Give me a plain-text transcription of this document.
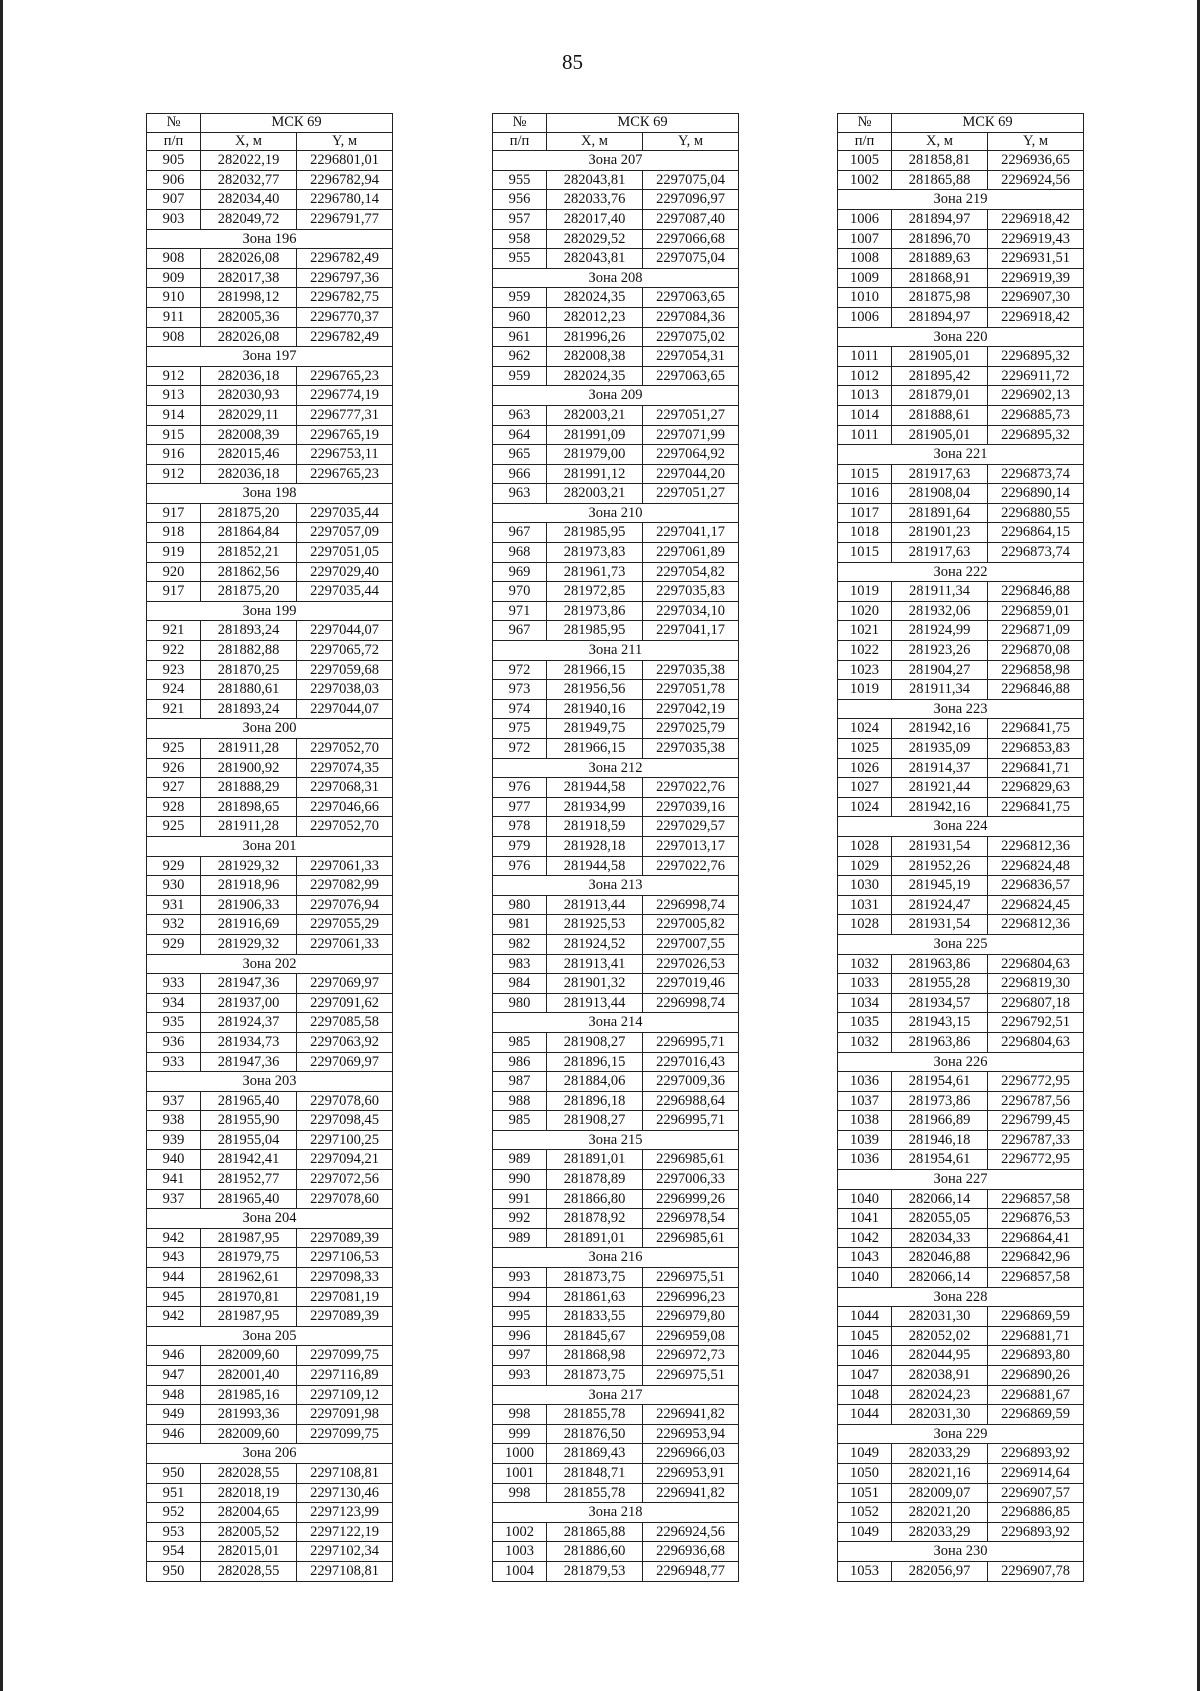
85
№	МСК 69	
п/п	X, м	Y, м
905	282022,19	2296801,01
906	282032,77	2296782,94
907	282034,40	2296780,14
903	282049,72	2296791,77
Зона 196		
908	282026,08	2296782,49
909	282017,38	2296797,36
910	281998,12	2296782,75
911	282005,36	2296770,37
908	282026,08	2296782,49
Зона 197		
912	282036,18	2296765,23
913	282030,93	2296774,19
914	282029,11	2296777,31
915	282008,39	2296765,19
916	282015,46	2296753,11
912	282036,18	2296765,23
Зона 198		
917	281875,20	2297035,44
918	281864,84	2297057,09
919	281852,21	2297051,05
920	281862,56	2297029,40
917	281875,20	2297035,44
Зона 199		
921	281893,24	2297044,07
922	281882,88	2297065,72
923	281870,25	2297059,68
924	281880,61	2297038,03
921	281893,24	2297044,07
Зона 200		
925	281911,28	2297052,70
926	281900,92	2297074,35
927	281888,29	2297068,31
928	281898,65	2297046,66
925	281911,28	2297052,70
Зона 201		
929	281929,32	2297061,33
930	281918,96	2297082,99
931	281906,33	2297076,94
932	281916,69	2297055,29
929	281929,32	2297061,33
Зона 202		
933	281947,36	2297069,97
934	281937,00	2297091,62
935	281924,37	2297085,58
936	281934,73	2297063,92
933	281947,36	2297069,97
Зона 203		
937	281965,40	2297078,60
938	281955,90	2297098,45
939	281955,04	2297100,25
940	281942,41	2297094,21
941	281952,77	2297072,56
937	281965,40	2297078,60
Зона 204		
942	281987,95	2297089,39
943	281979,75	2297106,53
944	281962,61	2297098,33
945	281970,81	2297081,19
942	281987,95	2297089,39
Зона 205		
946	282009,60	2297099,75
947	282001,40	2297116,89
948	281985,16	2297109,12
949	281993,36	2297091,98
946	282009,60	2297099,75
Зона 206		
950	282028,55	2297108,81
951	282018,19	2297130,46
952	282004,65	2297123,99
953	282005,52	2297122,19
954	282015,01	2297102,34
950	282028,55	2297108,81
№	МСК 69	
п/п	X, м	Y, м
Зона 207		
955	282043,81	2297075,04
956	282033,76	2297096,97
957	282017,40	2297087,40
958	282029,52	2297066,68
955	282043,81	2297075,04
Зона 208		
959	282024,35	2297063,65
960	282012,23	2297084,36
961	281996,26	2297075,02
962	282008,38	2297054,31
959	282024,35	2297063,65
Зона 209		
963	282003,21	2297051,27
964	281991,09	2297071,99
965	281979,00	2297064,92
966	281991,12	2297044,20
963	282003,21	2297051,27
Зона 210		
967	281985,95	2297041,17
968	281973,83	2297061,89
969	281961,73	2297054,82
970	281972,85	2297035,83
971	281973,86	2297034,10
967	281985,95	2297041,17
Зона 211		
972	281966,15	2297035,38
973	281956,56	2297051,78
974	281940,16	2297042,19
975	281949,75	2297025,79
972	281966,15	2297035,38
Зона 212		
976	281944,58	2297022,76
977	281934,99	2297039,16
978	281918,59	2297029,57
979	281928,18	2297013,17
976	281944,58	2297022,76
Зона 213		
980	281913,44	2296998,74
981	281925,53	2297005,82
982	281924,52	2297007,55
983	281913,41	2297026,53
984	281901,32	2297019,46
980	281913,44	2296998,74
Зона 214		
985	281908,27	2296995,71
986	281896,15	2297016,43
987	281884,06	2297009,36
988	281896,18	2296988,64
985	281908,27	2296995,71
Зона 215		
989	281891,01	2296985,61
990	281878,89	2297006,33
991	281866,80	2296999,26
992	281878,92	2296978,54
989	281891,01	2296985,61
Зона 216		
993	281873,75	2296975,51
994	281861,63	2296996,23
995	281833,55	2296979,80
996	281845,67	2296959,08
997	281868,98	2296972,73
993	281873,75	2296975,51
Зона 217		
998	281855,78	2296941,82
999	281876,50	2296953,94
1000	281869,43	2296966,03
1001	281848,71	2296953,91
998	281855,78	2296941,82
Зона 218		
1002	281865,88	2296924,56
1003	281886,60	2296936,68
1004	281879,53	2296948,77
№	МСК 69	
п/п	X, м	Y, м
1005	281858,81	2296936,65
1002	281865,88	2296924,56
Зона 219		
1006	281894,97	2296918,42
1007	281896,70	2296919,43
1008	281889,63	2296931,51
1009	281868,91	2296919,39
1010	281875,98	2296907,30
1006	281894,97	2296918,42
Зона 220		
1011	281905,01	2296895,32
1012	281895,42	2296911,72
1013	281879,01	2296902,13
1014	281888,61	2296885,73
1011	281905,01	2296895,32
Зона 221		
1015	281917,63	2296873,74
1016	281908,04	2296890,14
1017	281891,64	2296880,55
1018	281901,23	2296864,15
1015	281917,63	2296873,74
Зона 222		
1019	281911,34	2296846,88
1020	281932,06	2296859,01
1021	281924,99	2296871,09
1022	281923,26	2296870,08
1023	281904,27	2296858,98
1019	281911,34	2296846,88
Зона 223		
1024	281942,16	2296841,75
1025	281935,09	2296853,83
1026	281914,37	2296841,71
1027	281921,44	2296829,63
1024	281942,16	2296841,75
Зона 224		
1028	281931,54	2296812,36
1029	281952,26	2296824,48
1030	281945,19	2296836,57
1031	281924,47	2296824,45
1028	281931,54	2296812,36
Зона 225		
1032	281963,86	2296804,63
1033	281955,28	2296819,30
1034	281934,57	2296807,18
1035	281943,15	2296792,51
1032	281963,86	2296804,63
Зона 226		
1036	281954,61	2296772,95
1037	281973,86	2296787,56
1038	281966,89	2296799,45
1039	281946,18	2296787,33
1036	281954,61	2296772,95
Зона 227		
1040	282066,14	2296857,58
1041	282055,05	2296876,53
1042	282034,33	2296864,41
1043	282046,88	2296842,96
1040	282066,14	2296857,58
Зона 228		
1044	282031,30	2296869,59
1045	282052,02	2296881,71
1046	282044,95	2296893,80
1047	282038,91	2296890,26
1048	282024,23	2296881,67
1044	282031,30	2296869,59
Зона 229		
1049	282033,29	2296893,92
1050	282021,16	2296914,64
1051	282009,07	2296907,57
1052	282021,20	2296886,85
1049	282033,29	2296893,92
Зона 230		
1053	282056,97	2296907,78
